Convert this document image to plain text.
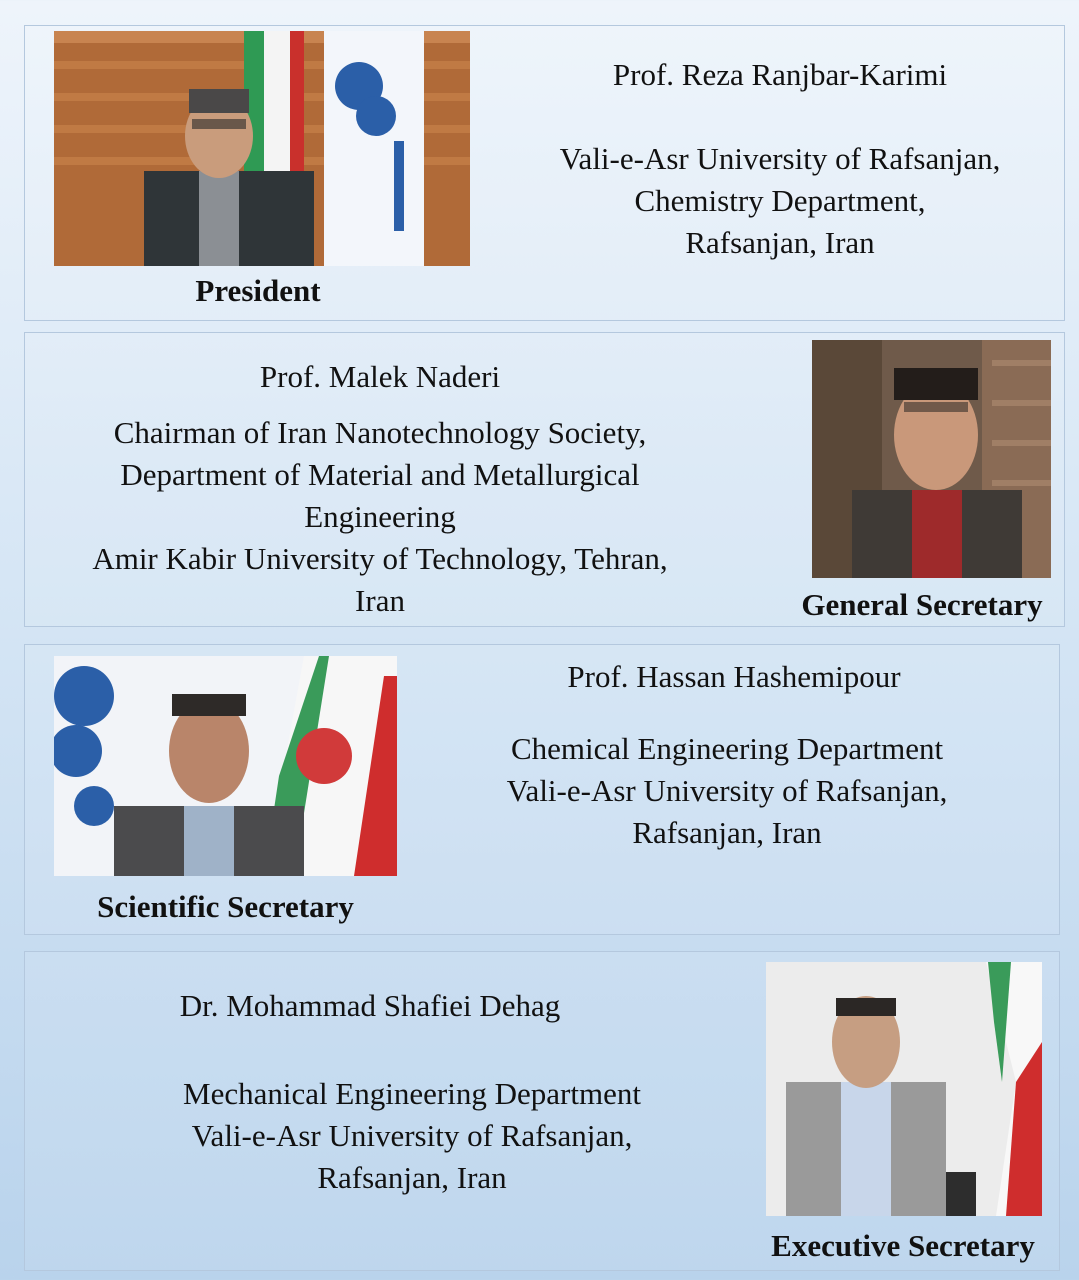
President
Prof. Reza Ranjbar-Karimi
Vali-e-Asr University of Rafsanjan,
Chemistry Department,
Rafsanjan, Iran
Prof. Malek Naderi
Chairman of Iran Nanotechnology Society,
Department of Material and Metallurgical
Engineering
Amir Kabir University of Technology, Tehran,
Iran	General Secretary
Scientific Secretary
Prof. Hassan Hashemipour
Chemical Engineering Department
Vali-e-Asr University of Rafsanjan,
Rafsanjan, Iran
Dr. Mohammad Shafiei Dehag
Mechanical Engineering Department
Vali-e-Asr University of Rafsanjan,
Rafsanjan, Iran
Executive Secretary
